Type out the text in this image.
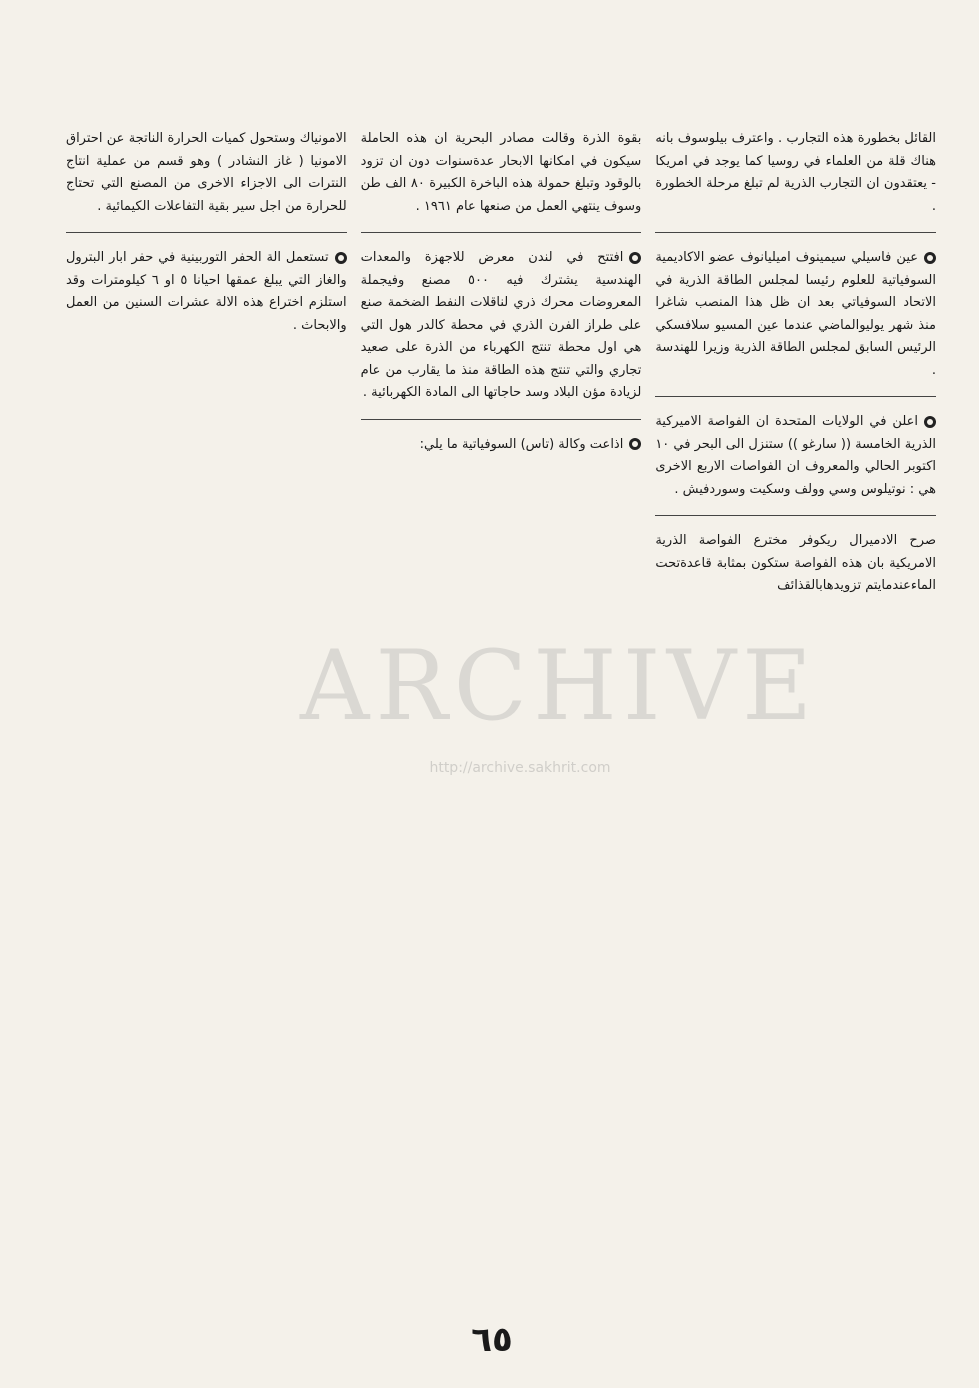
القائل بخطورة هذه التجارب . واعترف بيلوسوف بانه هناك قلة من العلماء في روسيا كما يوجد في امريكا - يعتقدون ان التجارب الذرية لم تبلغ مرحلة الخطورة .

عين فاسيلي سيمينوف اميليانوف عضو الاكاديمية السوفياتية للعلوم رئيسا لمجلس الطاقة الذرية في الاتحاد السوفياتي بعد ان ظل هذا المنصب شاغرا منذ شهر يوليوالماضي عندما عين المسيو سلافسكي الرئيس السابق لمجلس الطاقة الذرية وزيرا للهندسة .

اعلن في الولايات المتحدة ان الفواصة الاميركية الذرية الخامسة (( سارغو )) ستنزل الى البحر في ١٠ اكتوبر الحالي والمعروف ان الفواصات الاربع الاخرى هي : نوتيلوس وسي وولف وسكيت وسوردفيش .

صرح الادميرال ريكوفر مخترع الفواصة الذرية الامريكية بان هذه الفواصة ستكون بمثابة قاعدةتحت الماءعندمايتم تزويدهابالقذائف

بقوة الذرة وقالت مصادر البحرية ان هذه الحاملة سيكون في امكانها الابحار عدةسنوات دون ان تزود بالوقود وتبلغ حمولة هذه الباخرة الكبيرة ٨٠ الف طن وسوف ينتهي العمل من صنعها عام ١٩٦١ .

افتتح في لندن معرض للاجهزة والمعدات الهندسية يشترك فيه ٥٠٠ مصنع وفيجملة المعروضات محرك ذري لناقلات النفط الضخمة صنع على طراز الفرن الذري في محطة كالدر هول التي هي اول محطة تنتج الكهرباء من الذرة على صعيد تجاري والتي تنتج هذه الطاقة منذ ما يقارب من عام لزيادة مؤن البلاد وسد حاجاتها الى المادة الكهربائية .

اذاعت وكالة (تاس) السوفياتية ما يلي:

الامونياك وستحول كميات الحرارة الناتجة عن احتراق الامونيا ( غاز النشادر ) وهو قسم من عملية انتاج النترات الى الاجزاء الاخرى من المصنع التي تحتاج للحرارة من اجل سير بقية التفاعلات الكيمائية .

تستعمل الة الحفر التوربينية في حفر ابار البترول والغاز التي يبلغ عمقها احيانا ٥ او ٦ كيلومترات وقد استلزم اختراع هذه الالة عشرات السنين من العمل والابحاث .

ARCHIVE
http://archive.sakhrit.com
٦٥
